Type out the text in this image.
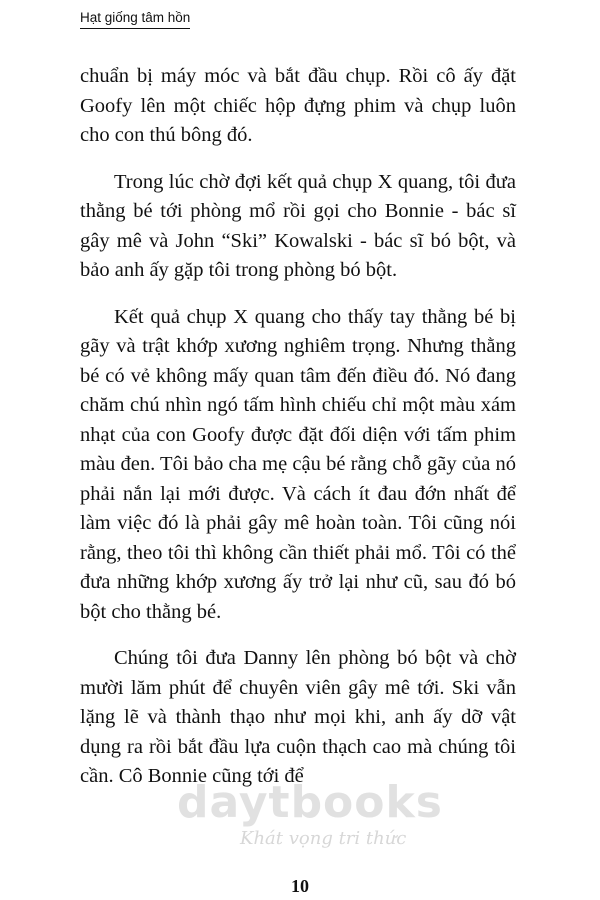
Hạt giống tâm hồn

chuẩn bị máy móc và bắt đầu chụp. Rồi cô ấy đặt Goofy lên một chiếc hộp đựng phim và chụp luôn cho con thú bông đó.

Trong lúc chờ đợi kết quả chụp X quang, tôi đưa thằng bé tới phòng mổ rồi gọi cho Bonnie - bác sĩ gây mê và John “Ski” Kowalski - bác sĩ bó bột, và bảo anh ấy gặp tôi trong phòng bó bột.

Kết quả chụp X quang cho thấy tay thằng bé bị gãy và trật khớp xương nghiêm trọng. Nhưng thằng bé có vẻ không mấy quan tâm đến điều đó. Nó đang chăm chú nhìn ngó tấm hình chiếu chỉ một màu xám nhạt của con Goofy được đặt đối diện với tấm phim màu đen. Tôi bảo cha mẹ cậu bé rằng chỗ gãy của nó phải nắn lại mới được. Và cách ít đau đớn nhất để làm việc đó là phải gây mê hoàn toàn. Tôi cũng nói rằng, theo tôi thì không cần thiết phải mổ. Tôi có thể đưa những khớp xương ấy trở lại như cũ, sau đó bó bột cho thằng bé.

Chúng tôi đưa Danny lên phòng bó bột và chờ mười lăm phút để chuyên viên gây mê tới. Ski vẫn lặng lẽ và thành thạo như mọi khi, anh ấy dỡ vật dụng ra rồi bắt đầu lựa cuộn thạch cao mà chúng tôi cần. Cô Bonnie cũng tới để

daytbooks
Khát vọng tri thức
10
